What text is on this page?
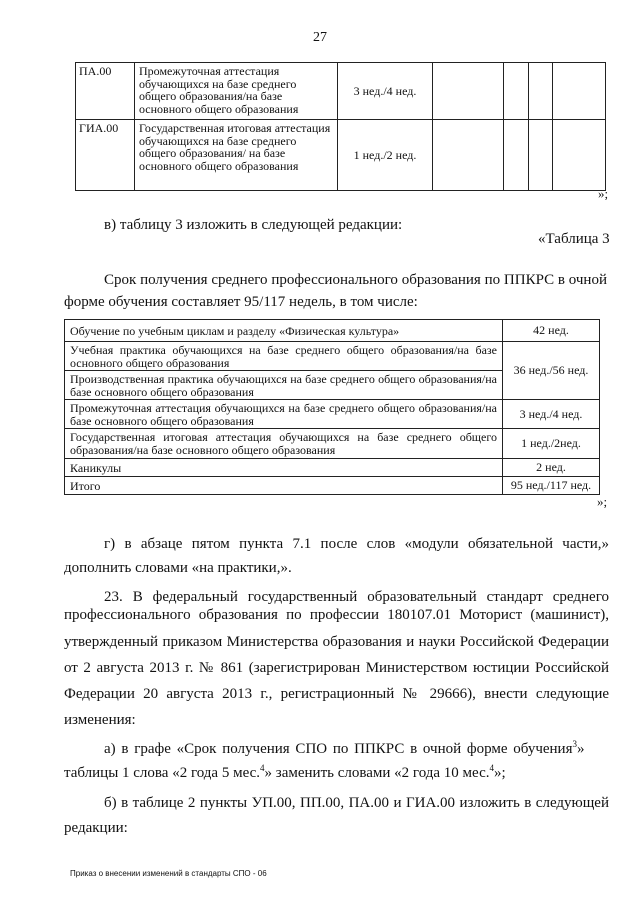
27
ПА.00	Промежуточная аттестация обучающихся на базе среднего общего образования/на базе основного общего образования	3 нед./4 нед.				
ГИА.00	Государственная итоговая аттестация обучающихся на базе среднего общего образования/ на базе основного общего образования	1 нед./2 нед.				
»;

в) таблицу 3 изложить в следующей редакции:

«Таблица 3

Срок получения среднего профессионального образования по ППКРС в очной

форме обучения составляет 95/117 недель, в том числе:

Обучение по учебным циклам и разделу «Физическая культура»	42 нед.

Учебная практика обучающихся на базе среднего общего образования/на базе основного общего образования	36 нед./56 нед.

Производственная практика обучающихся на базе среднего общего образования/на базе основного общего образования	

Промежуточная аттестация обучающихся на базе среднего общего образования/на базе основного общего образования	3 нед./4 нед.

Государственная итоговая аттестация обучающихся на базе среднего общего образования/на базе основного общего образования	1 нед./2нед.
Каникулы	2 нед.
Итого	95 нед./117 нед.
»;

г) в абзаце пятом пункта 7.1 после слов «модули обязательной части,»

дополнить словами «на практики,».

23. В федеральный государственный образовательный стандарт среднего

профессионального образования по профессии 180107.01 Моторист (машинист),

утвержденный приказом Министерства образования и науки Российской Федерации

от 2 августа 2013 г. № 861 (зарегистрирован Министерством юстиции Российской

Федерации 20 августа 2013 г., регистрационный № 29666), внести следующие

изменения:

а) в графе «Срок получения СПО по ППКРС в очной форме обучения$^3$»

таблицы 1 слова «2 года 5 мес.$^4$» заменить словами «2 года 10 мес.$^4$»;

б) в таблице 2 пункты УП.00, ПП.00, ПА.00 и ГИА.00 изложить в следующей

редакции:

Приказ о внесении изменений в стандарты СПО - 06
